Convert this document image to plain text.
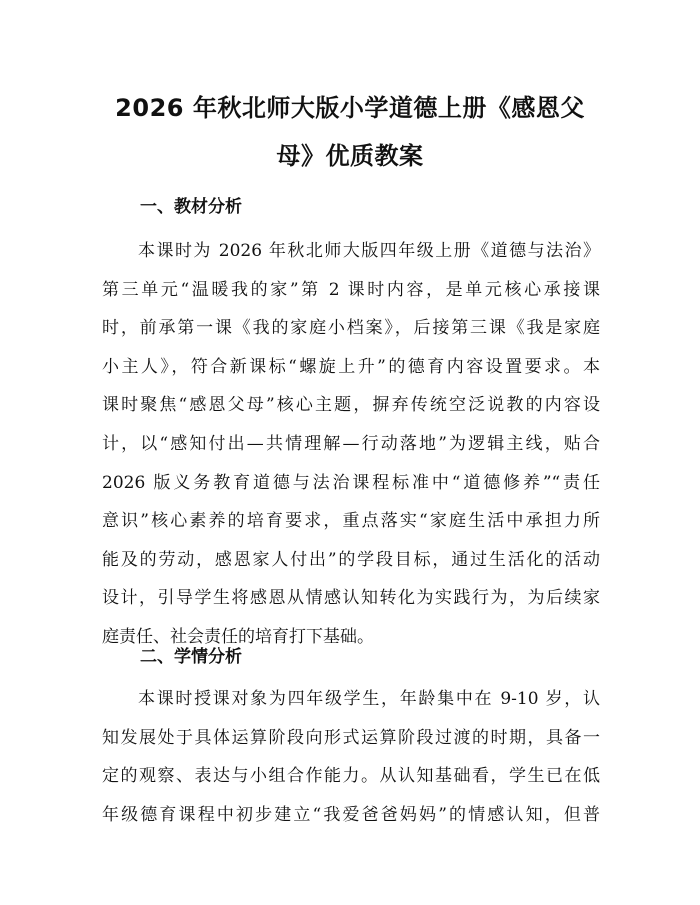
2026 年秋北师大版小学道德上册《感恩父
母》优质教案
一、教材分析
本课时为 2026 年秋北师大版四年级上册《道德与法治》
第三单元“温暖我的家”第 2 课时内容，是单元核心承接课
时，前承第一课《我的家庭小档案》，后接第三课《我是家庭
小主人》，符合新课标“螺旋上升”的德育内容设置要求。本
课时聚焦“感恩父母”核心主题，摒弃传统空泛说教的内容设
计，以“感知付出—共情理解—行动落地”为逻辑主线，贴合
2026 版义务教育道德与法治课程标准中“道德修养”“责任
意识”核心素养的培育要求，重点落实“家庭生活中承担力所
能及的劳动，感恩家人付出”的学段目标，通过生活化的活动
设计，引导学生将感恩从情感认知转化为实践行为，为后续家
庭责任、社会责任的培育打下基础。
二、学情分析
本课时授课对象为四年级学生，年龄集中在 9-10 岁，认
知发展处于具体运算阶段向形式运算阶段过渡的时期，具备一
定的观察、表达与小组合作能力。从认知基础看，学生已在低
年级德育课程中初步建立“我爱爸爸妈妈”的情感认知，但普
